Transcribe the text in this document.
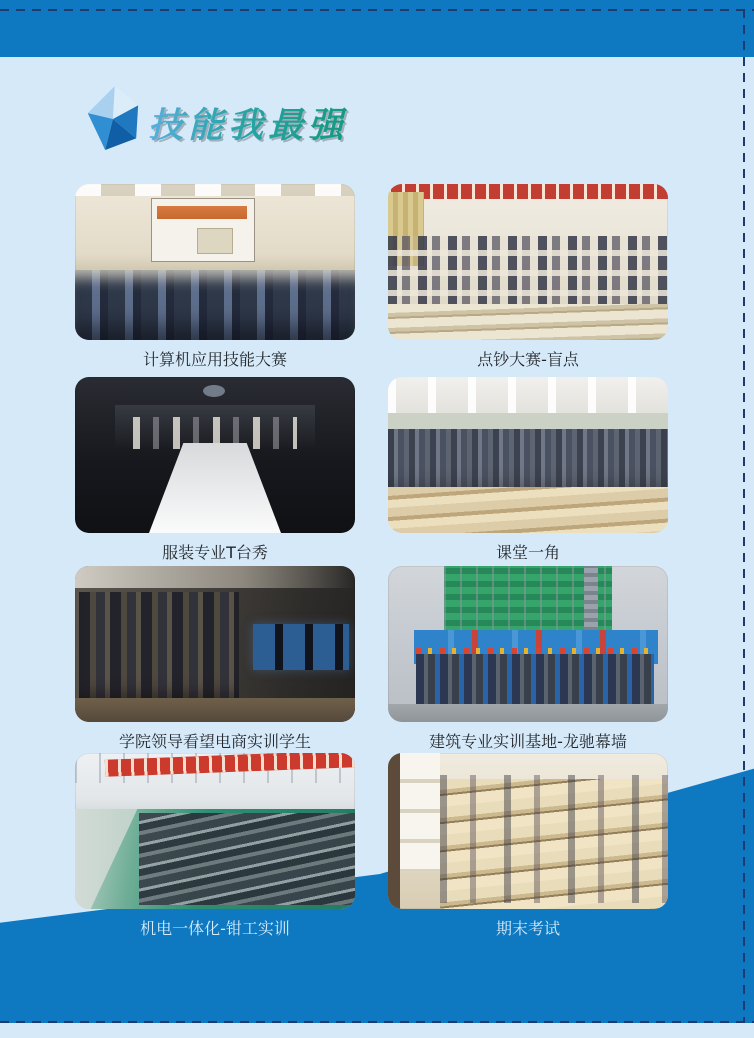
技能我最强
计算机应用技能大赛	点钞大赛-盲点
服装专业T台秀	课堂一角
学院领导看望电商实训学生	建筑专业实训基地-龙驰幕墙
机电一体化-钳工实训	期末考试
